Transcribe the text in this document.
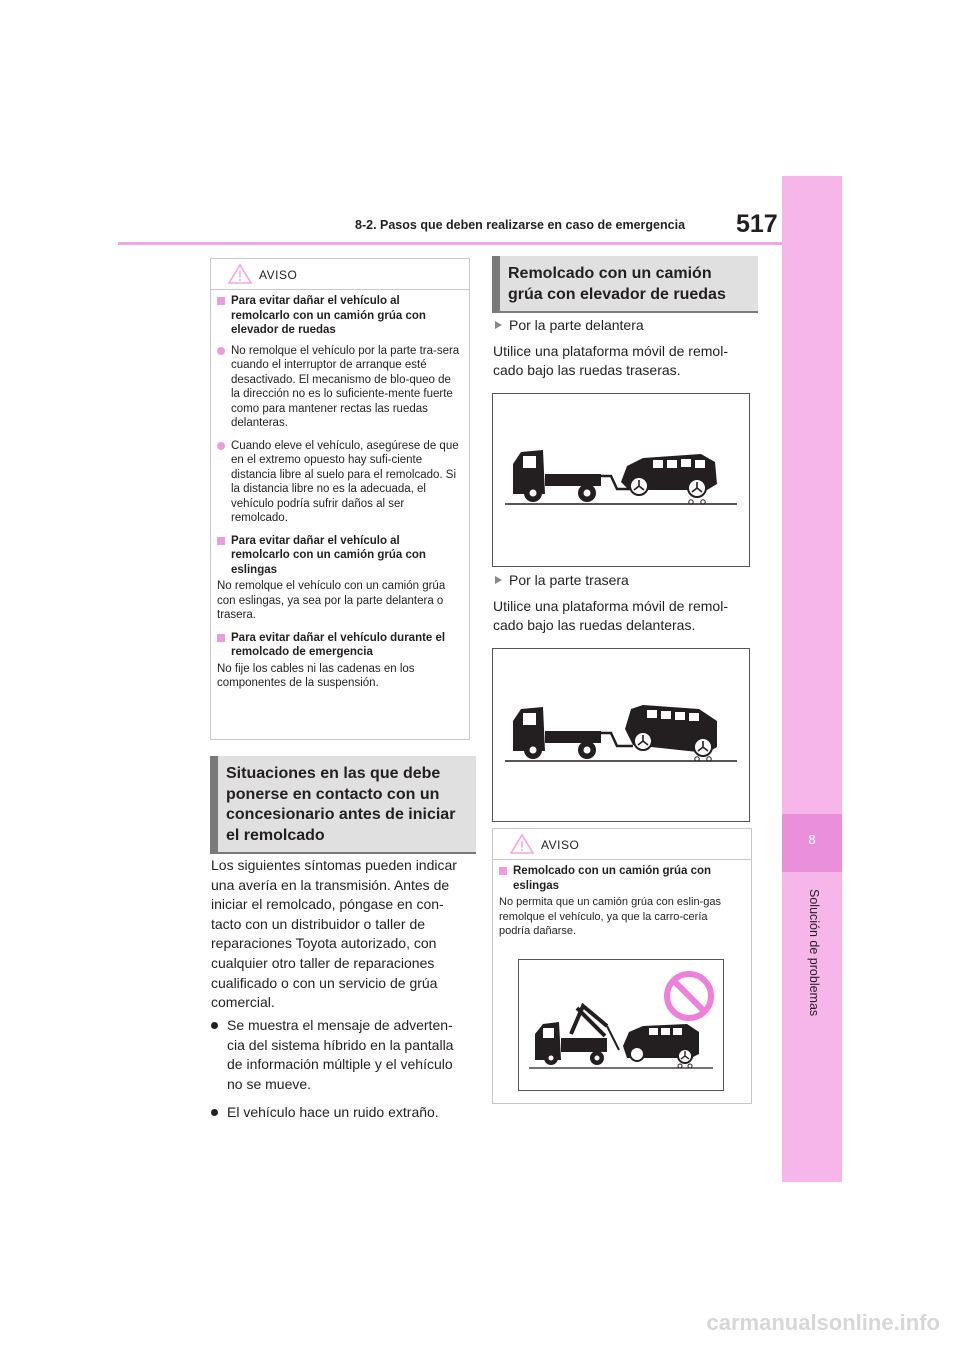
8-2. Pasos que deben realizarse en caso de emergencia 517
8
Solución de problemas
AVISO
Para evitar dañar el vehículo al remolcarlo con un camión grúa con elevador de ruedas
No remolque el vehículo por la parte tra-sera cuando el interruptor de arranque esté desactivado. El mecanismo de blo-queo de la dirección no es lo suficiente-mente fuerte como para mantener rectas las ruedas delanteras.
Cuando eleve el vehículo, asegúrese de que en el extremo opuesto hay sufi-ciente distancia libre al suelo para el remolcado. Si la distancia libre no es la adecuada, el vehículo podría sufrir daños al ser remolcado.
Para evitar dañar el vehículo al remolcarlo con un camión grúa con eslingas
No remolque el vehículo con un camión grúa con eslingas, ya sea por la parte delantera o trasera.
Para evitar dañar el vehículo durante el remolcado de emergencia
No fije los cables ni las cadenas en los componentes de la suspensión.
Situaciones en las que debe ponerse en contacto con un concesionario antes de iniciar el remolcado
Los siguientes síntomas pueden indicar una avería en la transmisión. Antes de iniciar el remolcado, póngase en con-tacto con un distribuidor o taller de reparaciones Toyota autorizado, con cualquier otro taller de reparaciones cualificado o con un servicio de grúa comercial.
Se muestra el mensaje de adverten-cia del sistema híbrido en la pantalla de información múltiple y el vehículo no se mueve.
El vehículo hace un ruido extraño.
Remolcado con un camión grúa con elevador de ruedas
Por la parte delantera
Utilice una plataforma móvil de remol-cado bajo las ruedas traseras.
Por la parte trasera
Utilice una plataforma móvil de remol-cado bajo las ruedas delanteras.
AVISO
Remolcado con un camión grúa con eslingas
No permita que un camión grúa con eslin-gas remolque el vehículo, ya que la carro-cería podría dañarse.
carmanualsonline.info
